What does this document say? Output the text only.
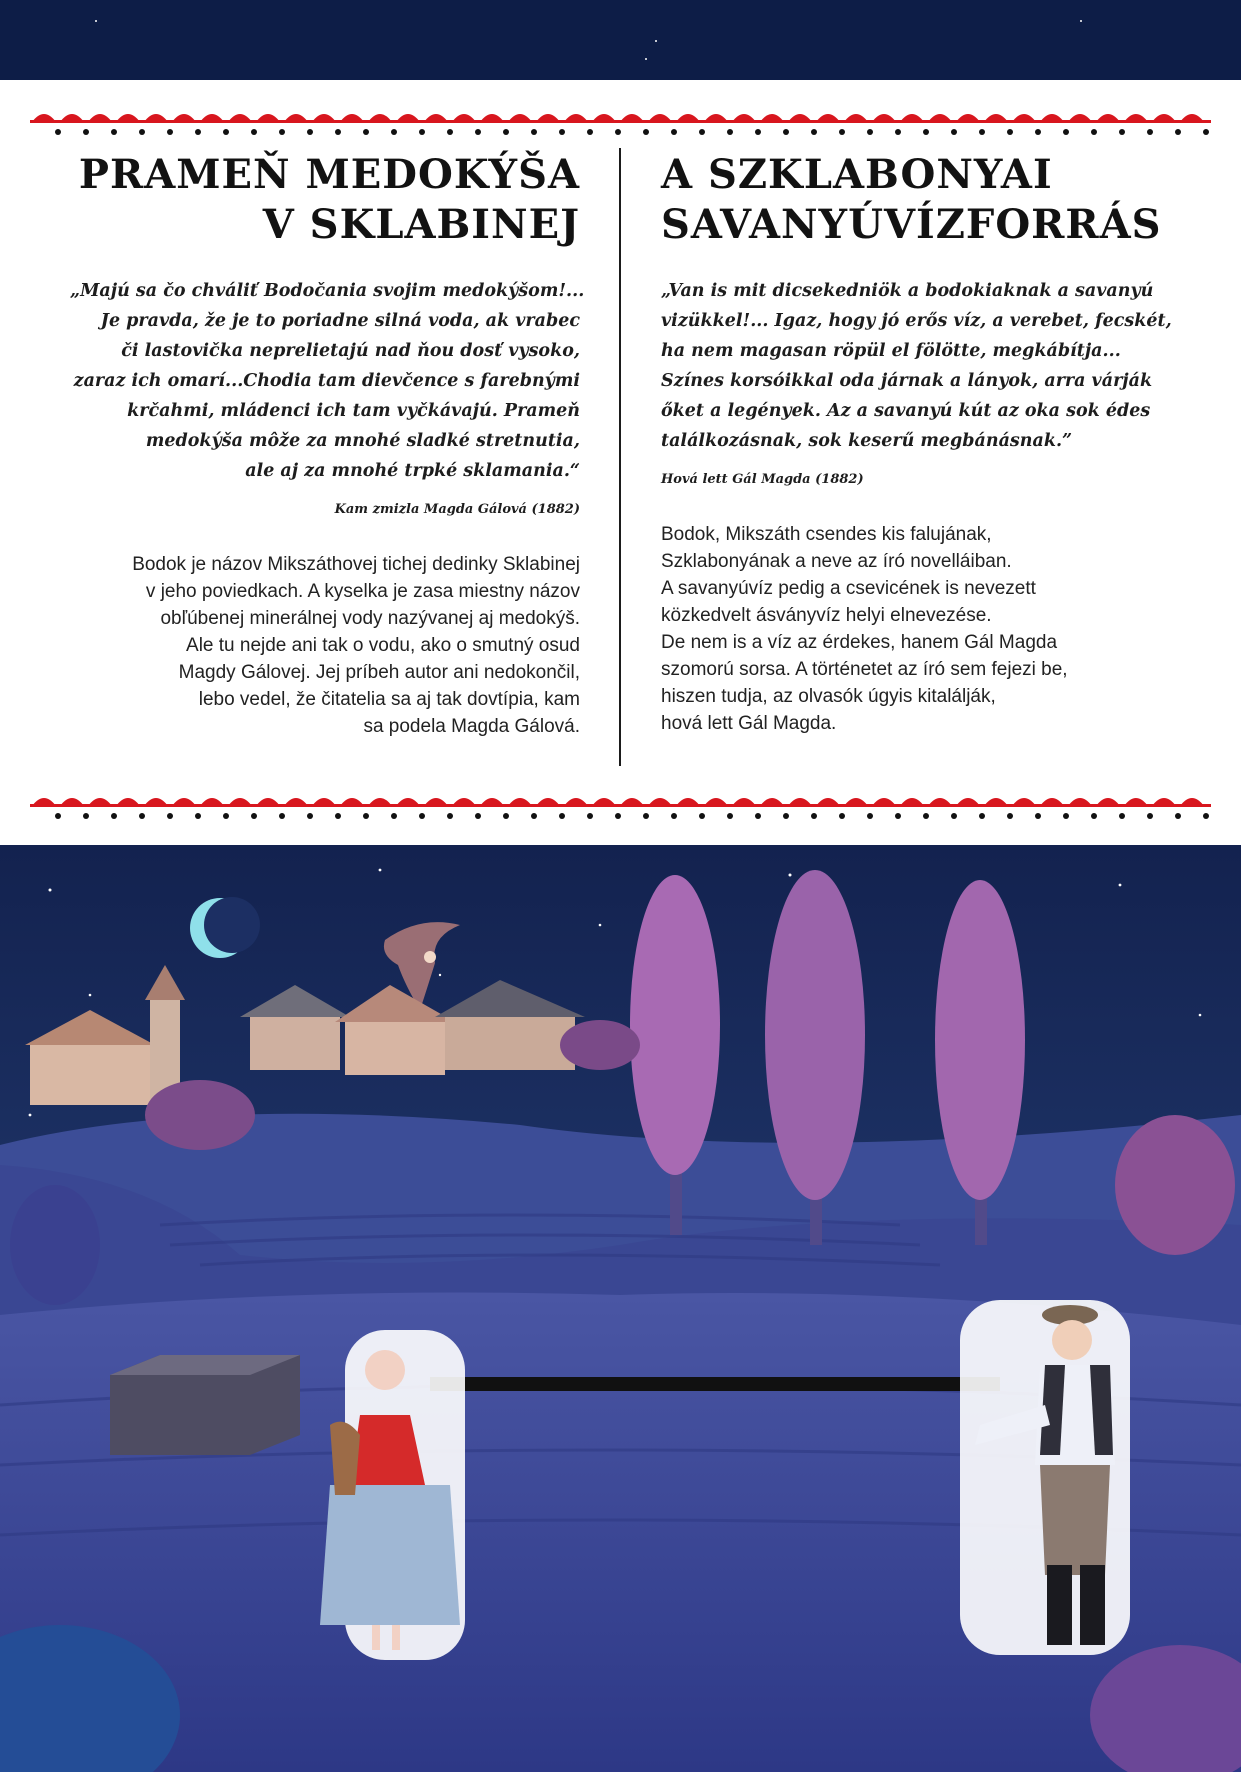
PRAMEŇ MEDOKÝŠA
V SKLABINEJ
„Majú sa čo chváliť Bodočania svojim medokýšom!...
Je pravda, že je to poriadne silná voda, ak vrabec
či lastovička neprelietajú nad ňou dosť vysoko,
zaraz ich omarí...Chodia tam dievčence s farebnými
krčahmi, mládenci ich tam vyčkávajú. Prameň
medokýša môže za mnohé sladké stretnutia,
ale aj za mnohé trpké sklamania.“
Kam zmizla Magda Gálová (1882)
Bodok je názov Mikszáthovej tichej dedinky Sklabinej
v jeho poviedkach. A kyselka je zasa miestny názov
obľúbenej minerálnej vody nazývanej aj medokýš.
Ale tu nejde ani tak o vodu, ako o smutný osud
Magdy Gálovej. Jej príbeh autor ani nedokončil,
lebo vedel, že čitatelia sa aj tak dovtípia, kam
sa podela Magda Gálová.
A SZKLABONYAI
SAVANYÚVÍZFORRÁS
„Van is mit dicsekedniök a bodokiaknak a savanyú
vizükkel!... Igaz, hogy jó erős víz, a verebet, fecskét,
ha nem magasan röpül el fölötte, megkábítja...
Színes korsóikkal oda járnak a lányok, arra várják
őket a legények. Az a savanyú kút az oka sok édes
találkozásnak, sok keserű megbánásnak.”
Hová lett Gál Magda (1882)
Bodok, Mikszáth csendes kis falujának,
Szklabonyának a neve az író novelláiban.
A savanyúvíz pedig a csevicének is nevezett
közkedvelt ásványvíz helyi elnevezése.
De nem is a víz az érdekes, hanem Gál Magda
szomorú sorsa. A történetet az író sem fejezi be,
hiszen tudja, az olvasók úgyis kitalálják,
hová lett Gál Magda.
